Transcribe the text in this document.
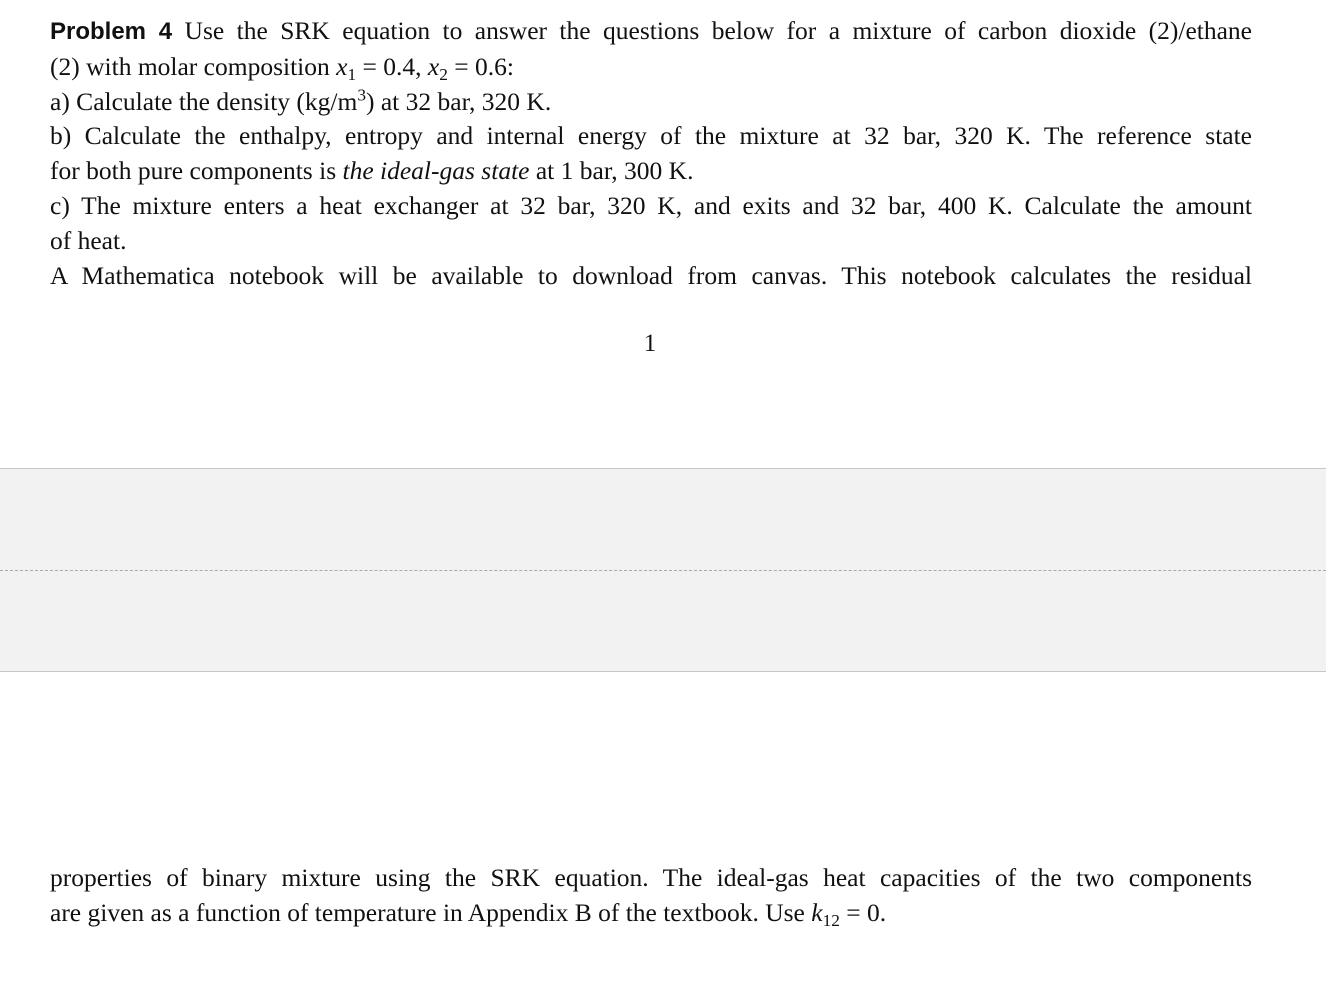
Problem 4 Use the SRK equation to answer the questions below for a mixture of carbon dioxide (2)/ethane
(2) with molar composition $x_1 = 0.4$, $x_2 = 0.6$:
a) Calculate the density $(kg/m^3)$ at 32 bar, 320 K.
b) Calculate the enthalpy, entropy and internal energy of the mixture at 32 bar, 320 K. The reference state
for both pure components is the ideal-gas state at 1 bar, 300 K.
c) The mixture enters a heat exchanger at 32 bar, 320 K, and exits and 32 bar, 400 K. Calculate the amount
of heat.
A Mathematica notebook will be available to download from canvas. This notebook calculates the residual
1
properties of binary mixture using the SRK equation. The ideal-gas heat capacities of the two components
are given as a function of temperature in Appendix B of the textbook. Use $k_{12} = 0$.
